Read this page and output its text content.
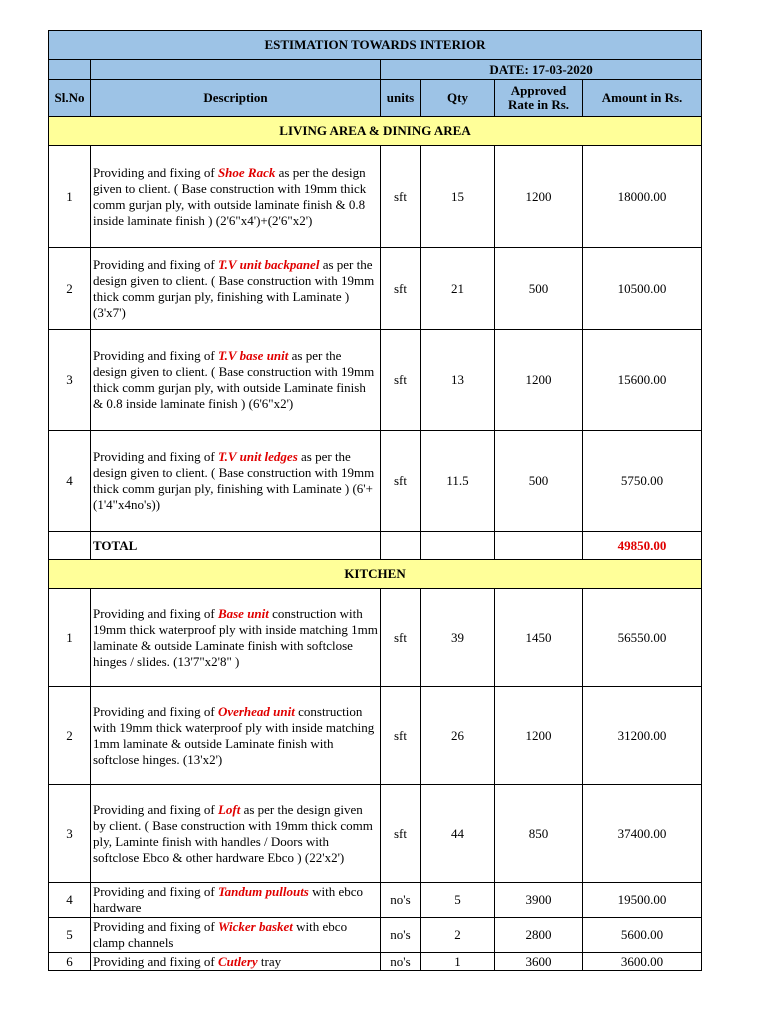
ESTIMATION TOWARDS INTERIOR					
		DATE: 17-03-2020			
Sl.No	Description	units	Qty	Approved Rate in Rs.	Amount in Rs.
LIVING AREA & DINING AREA					
1	Providing and fixing of Shoe Rack as per the design given to client. ( Base construction with 19mm thick comm gurjan ply, with outside laminate finish & 0.8 inside laminate finish ) (2'6"x4')+(2'6"x2')	sft	15	1200	18000.00
2	Providing and fixing of T.V unit backpanel as per the design given to client. ( Base construction with 19mm thick comm gurjan ply, finishing with Laminate ) (3'x7')	sft	21	500	10500.00
3	Providing and fixing of T.V base unit as per the design given to client. ( Base construction with 19mm thick comm gurjan ply, with outside Laminate finish & 0.8 inside laminate finish ) (6'6"x2')	sft	13	1200	15600.00
4	Providing and fixing of T.V unit ledges as per the design given to client. ( Base construction with 19mm thick comm gurjan ply, finishing with Laminate ) (6'+(1'4"x4no's))	sft	11.5	500	5750.00
	TOTAL				49850.00
KITCHEN					
1	Providing and fixing of Base unit construction with 19mm thick waterproof ply with inside matching 1mm laminate & outside Laminate finish with softclose hinges / slides. (13'7"x2'8" )	sft	39	1450	56550.00
2	Providing and fixing of Overhead unit construction with 19mm thick waterproof ply with inside matching 1mm laminate & outside Laminate finish with softclose hinges. (13'x2')	sft	26	1200	31200.00
3	Providing and fixing of Loft as per the design given by client. ( Base construction with 19mm thick comm ply, Laminte finish with handles / Doors with softclose Ebco & other hardware Ebco ) (22'x2')	sft	44	850	37400.00
4	Providing and fixing of Tandum pullouts with ebco hardware	no's	5	3900	19500.00
5	Providing and fixing of Wicker basket with ebco clamp channels	no's	2	2800	5600.00
6	Providing and fixing of Cutlery tray	no's	1	3600	3600.00
